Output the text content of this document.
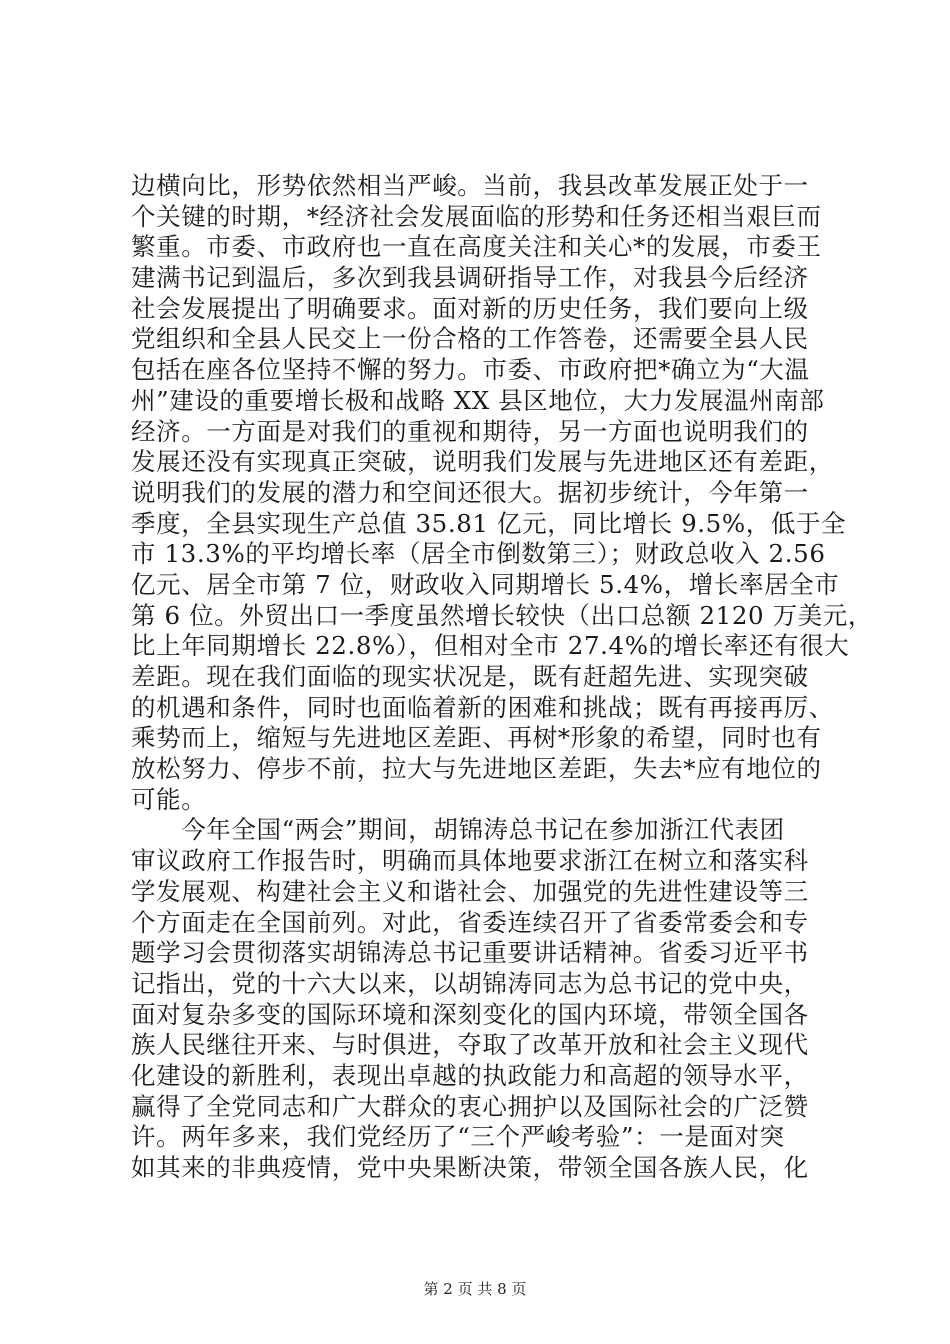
边横向比，形势依然相当严峻。当前，我县改革发展正处于一
个关键的时期，*经济社会发展面临的形势和任务还相当艰巨而
繁重。市委、市政府也一直在高度关注和关心*的发展，市委王
建满书记到温后，多次到我县调研指导工作，对我县今后经济
社会发展提出了明确要求。面对新的历史任务，我们要向上级
党组织和全县人民交上一份合格的工作答卷，还需要全县人民
包括在座各位坚持不懈的努力。市委、市政府把*确立为“大温
州”建设的重要增长极和战略 XX 县区地位，大力发展温州南部
经济。一方面是对我们的重视和期待，另一方面也说明我们的
发展还没有实现真正突破，说明我们发展与先进地区还有差距，
说明我们的发展的潜力和空间还很大。据初步统计，今年第一
季度，全县实现生产总值 35.81 亿元，同比增长 9.5%，低于全
市 13.3%的平均增长率（居全市倒数第三）；财政总收入 2.56
亿元、居全市第 7 位，财政收入同期增长 5.4%，增长率居全市
第 6 位。外贸出口一季度虽然增长较快（出口总额 2120 万美元，
比上年同期增长 22.8%），但相对全市 27.4%的增长率还有很大
差距。现在我们面临的现实状况是，既有赶超先进、实现突破
的机遇和条件，同时也面临着新的困难和挑战；既有再接再厉、
乘势而上，缩短与先进地区差距、再树*形象的希望，同时也有
放松努力、停步不前，拉大与先进地区差距，失去*应有地位的
可能。
　　今年全国“两会”期间，胡锦涛总书记在参加浙江代表团
审议政府工作报告时，明确而具体地要求浙江在树立和落实科
学发展观、构建社会主义和谐社会、加强党的先进性建设等三
个方面走在全国前列。对此，省委连续召开了省委常委会和专
题学习会贯彻落实胡锦涛总书记重要讲话精神。省委习近平书
记指出，党的十六大以来，以胡锦涛同志为总书记的党中央，
面对复杂多变的国际环境和深刻变化的国内环境，带领全国各
族人民继往开来、与时俱进，夺取了改革开放和社会主义现代
化建设的新胜利，表现出卓越的执政能力和高超的领导水平，
赢得了全党同志和广大群众的衷心拥护以及国际社会的广泛赞
许。两年多来，我们党经历了“三个严峻考验”：一是面对突
如其来的非典疫情，党中央果断决策，带领全国各族人民，化
第 2 页 共 8 页
